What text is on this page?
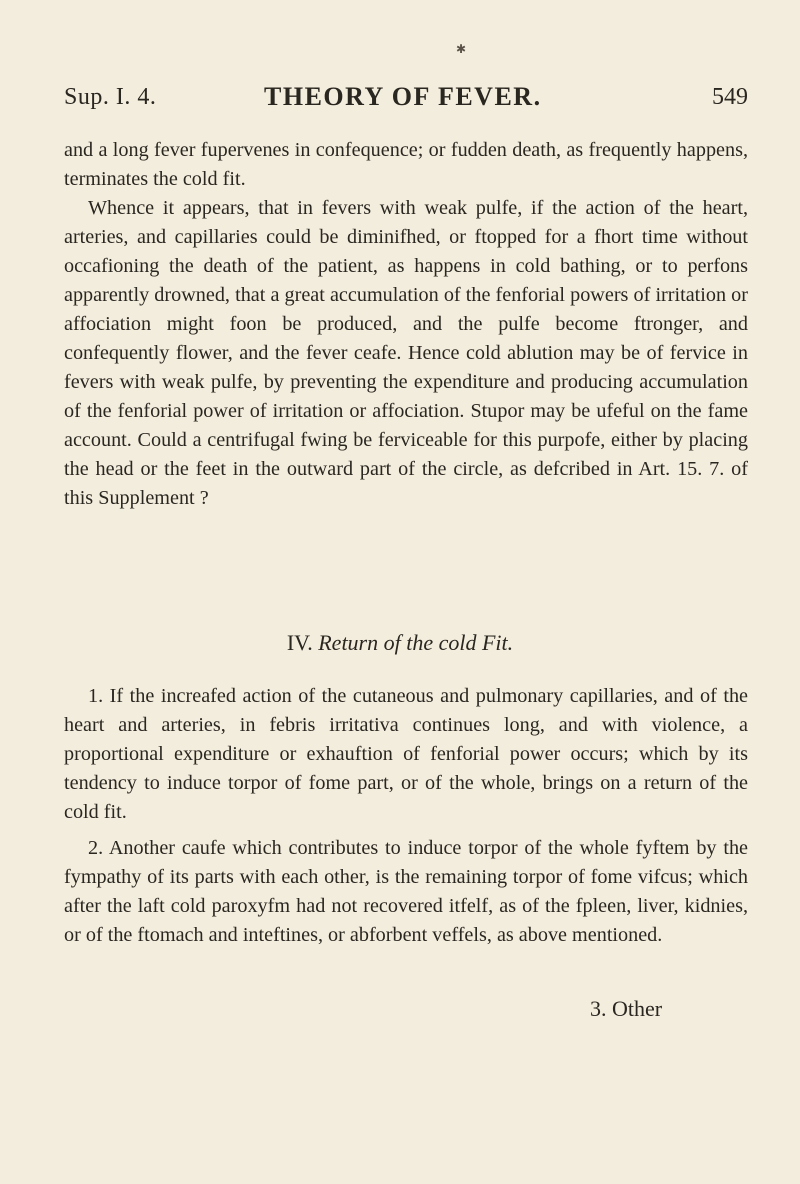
✱
Sup. I. 4.	THEORY OF FEVER.	549

and a long fever fupervenes in confequence; or fudden death, as frequently happens, terminates the cold fit.

Whence it appears, that in fevers with weak pulfe, if the action of the heart, arteries, and capillaries could be diminifhed, or ftopped for a fhort time without occafioning the death of the patient, as happens in cold bathing, or to perfons apparently drowned, that a great accumulation of the fenforial powers of irritation or affociation might foon be produced, and the pulfe become ftronger, and confequently flower, and the fever ceafe. Hence cold ablution may be of fervice in fevers with weak pulfe, by preventing the expenditure and producing accumulation of the fenforial power of irritation or affociation. Stupor may be ufeful on the fame account. Could a centrifugal fwing be ferviceable for this purpofe, either by placing the head or the feet in the outward part of the circle, as defcribed in Art. 15. 7. of this Supplement ?

IV. Return of the cold Fit.

1. If the increafed action of the cutaneous and pulmonary capillaries, and of the heart and arteries, in febris irritativa continues long, and with violence, a proportional expenditure or exhauftion of fenforial power occurs; which by its tendency to induce torpor of fome part, or of the whole, brings on a return of the cold fit.

2. Another caufe which contributes to induce torpor of the whole fyftem by the fympathy of its parts with each other, is the remaining torpor of fome vifcus; which after the laft cold paroxyfm had not recovered itfelf, as of the fpleen, liver, kidnies, or of the ftomach and inteftines, or abforbent veffels, as above mentioned.

3. Other
